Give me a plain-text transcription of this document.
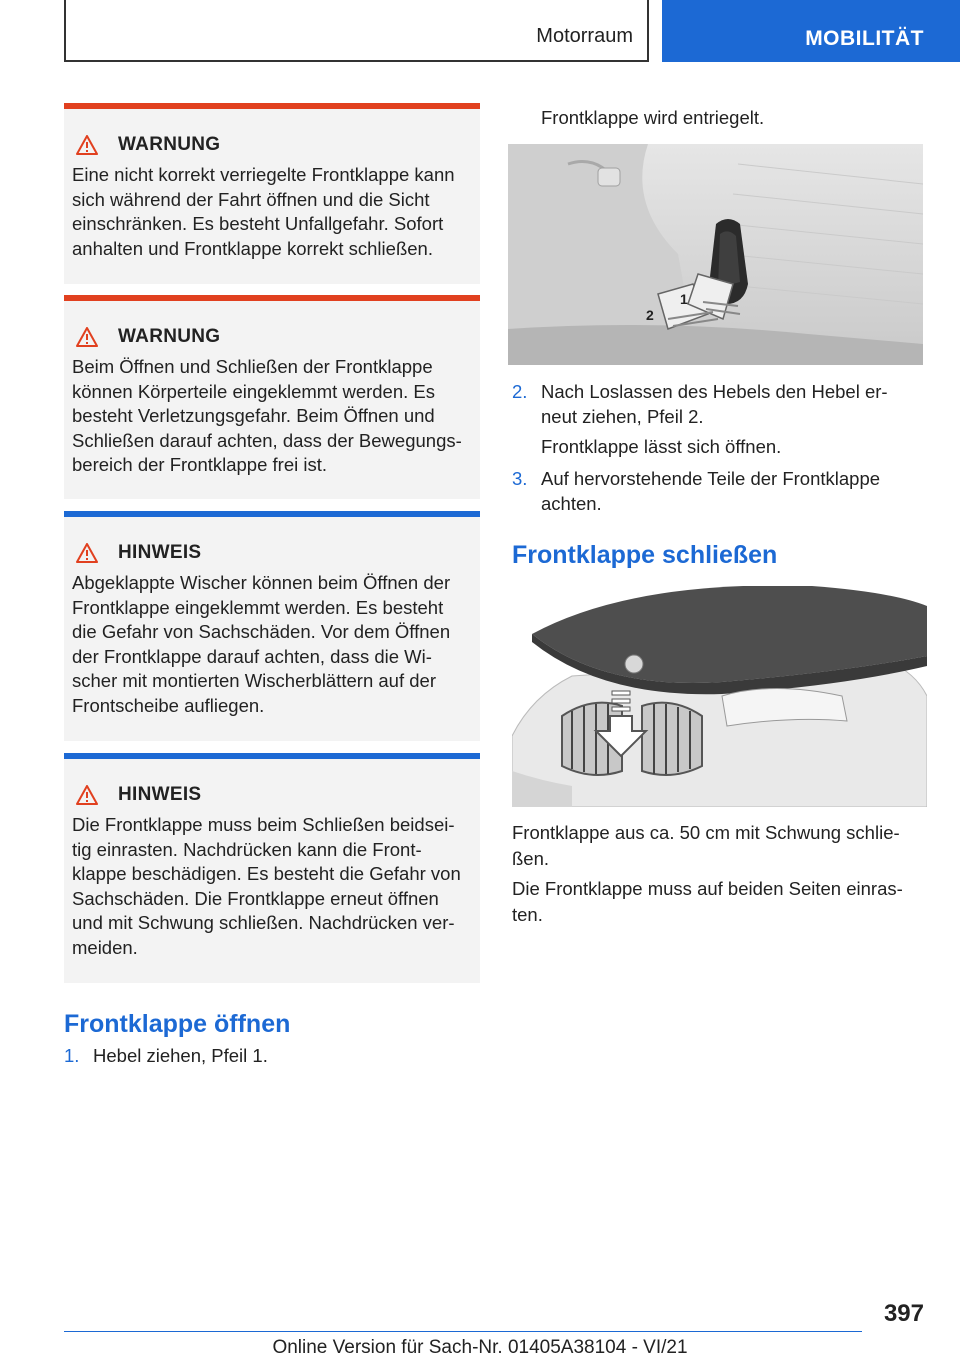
Motorraum	MOBILITÄT
WARNUNG
Eine nicht korrekt verriegelte Frontklappe kann sich während der Fahrt öffnen und die Sicht einschränken. Es besteht Unfallgefahr. Sofort anhalten und Frontklappe korrekt schließen.
WARNUNG
Beim Öffnen und Schließen der Frontklappe können Körperteile eingeklemmt werden. Es besteht Verletzungsgefahr. Beim Öffnen und Schließen darauf achten, dass der Bewegungs-bereich der Frontklappe frei ist.
HINWEIS
Abgeklappte Wischer können beim Öffnen der Frontklappe eingeklemmt werden. Es besteht die Gefahr von Sachschäden. Vor dem Öffnen der Frontklappe darauf achten, dass die Wi-scher mit montierten Wischerblättern auf der Frontscheibe aufliegen.
HINWEIS
Die Frontklappe muss beim Schließen beidsei-tig einrasten. Nachdrücken kann die Front-klappe beschädigen. Es besteht die Gefahr von Sachschäden. Die Frontklappe erneut öffnen und mit Schwung schließen. Nachdrücken ver-meiden.
Frontklappe öffnen
1. Hebel ziehen, Pfeil 1.
Frontklappe wird entriegelt.
2
1
2. Nach Loslassen des Hebels den Hebel er-neut ziehen, Pfeil 2.
Frontklappe lässt sich öffnen.
3. Auf hervorstehende Teile der Frontklappe achten.
Frontklappe schließen
Frontklappe aus ca. 50 cm mit Schwung schlie-ßen.
Die Frontklappe muss auf beiden Seiten einras-ten.
397
Online Version für Sach-Nr. 01405A38104 - VI/21
